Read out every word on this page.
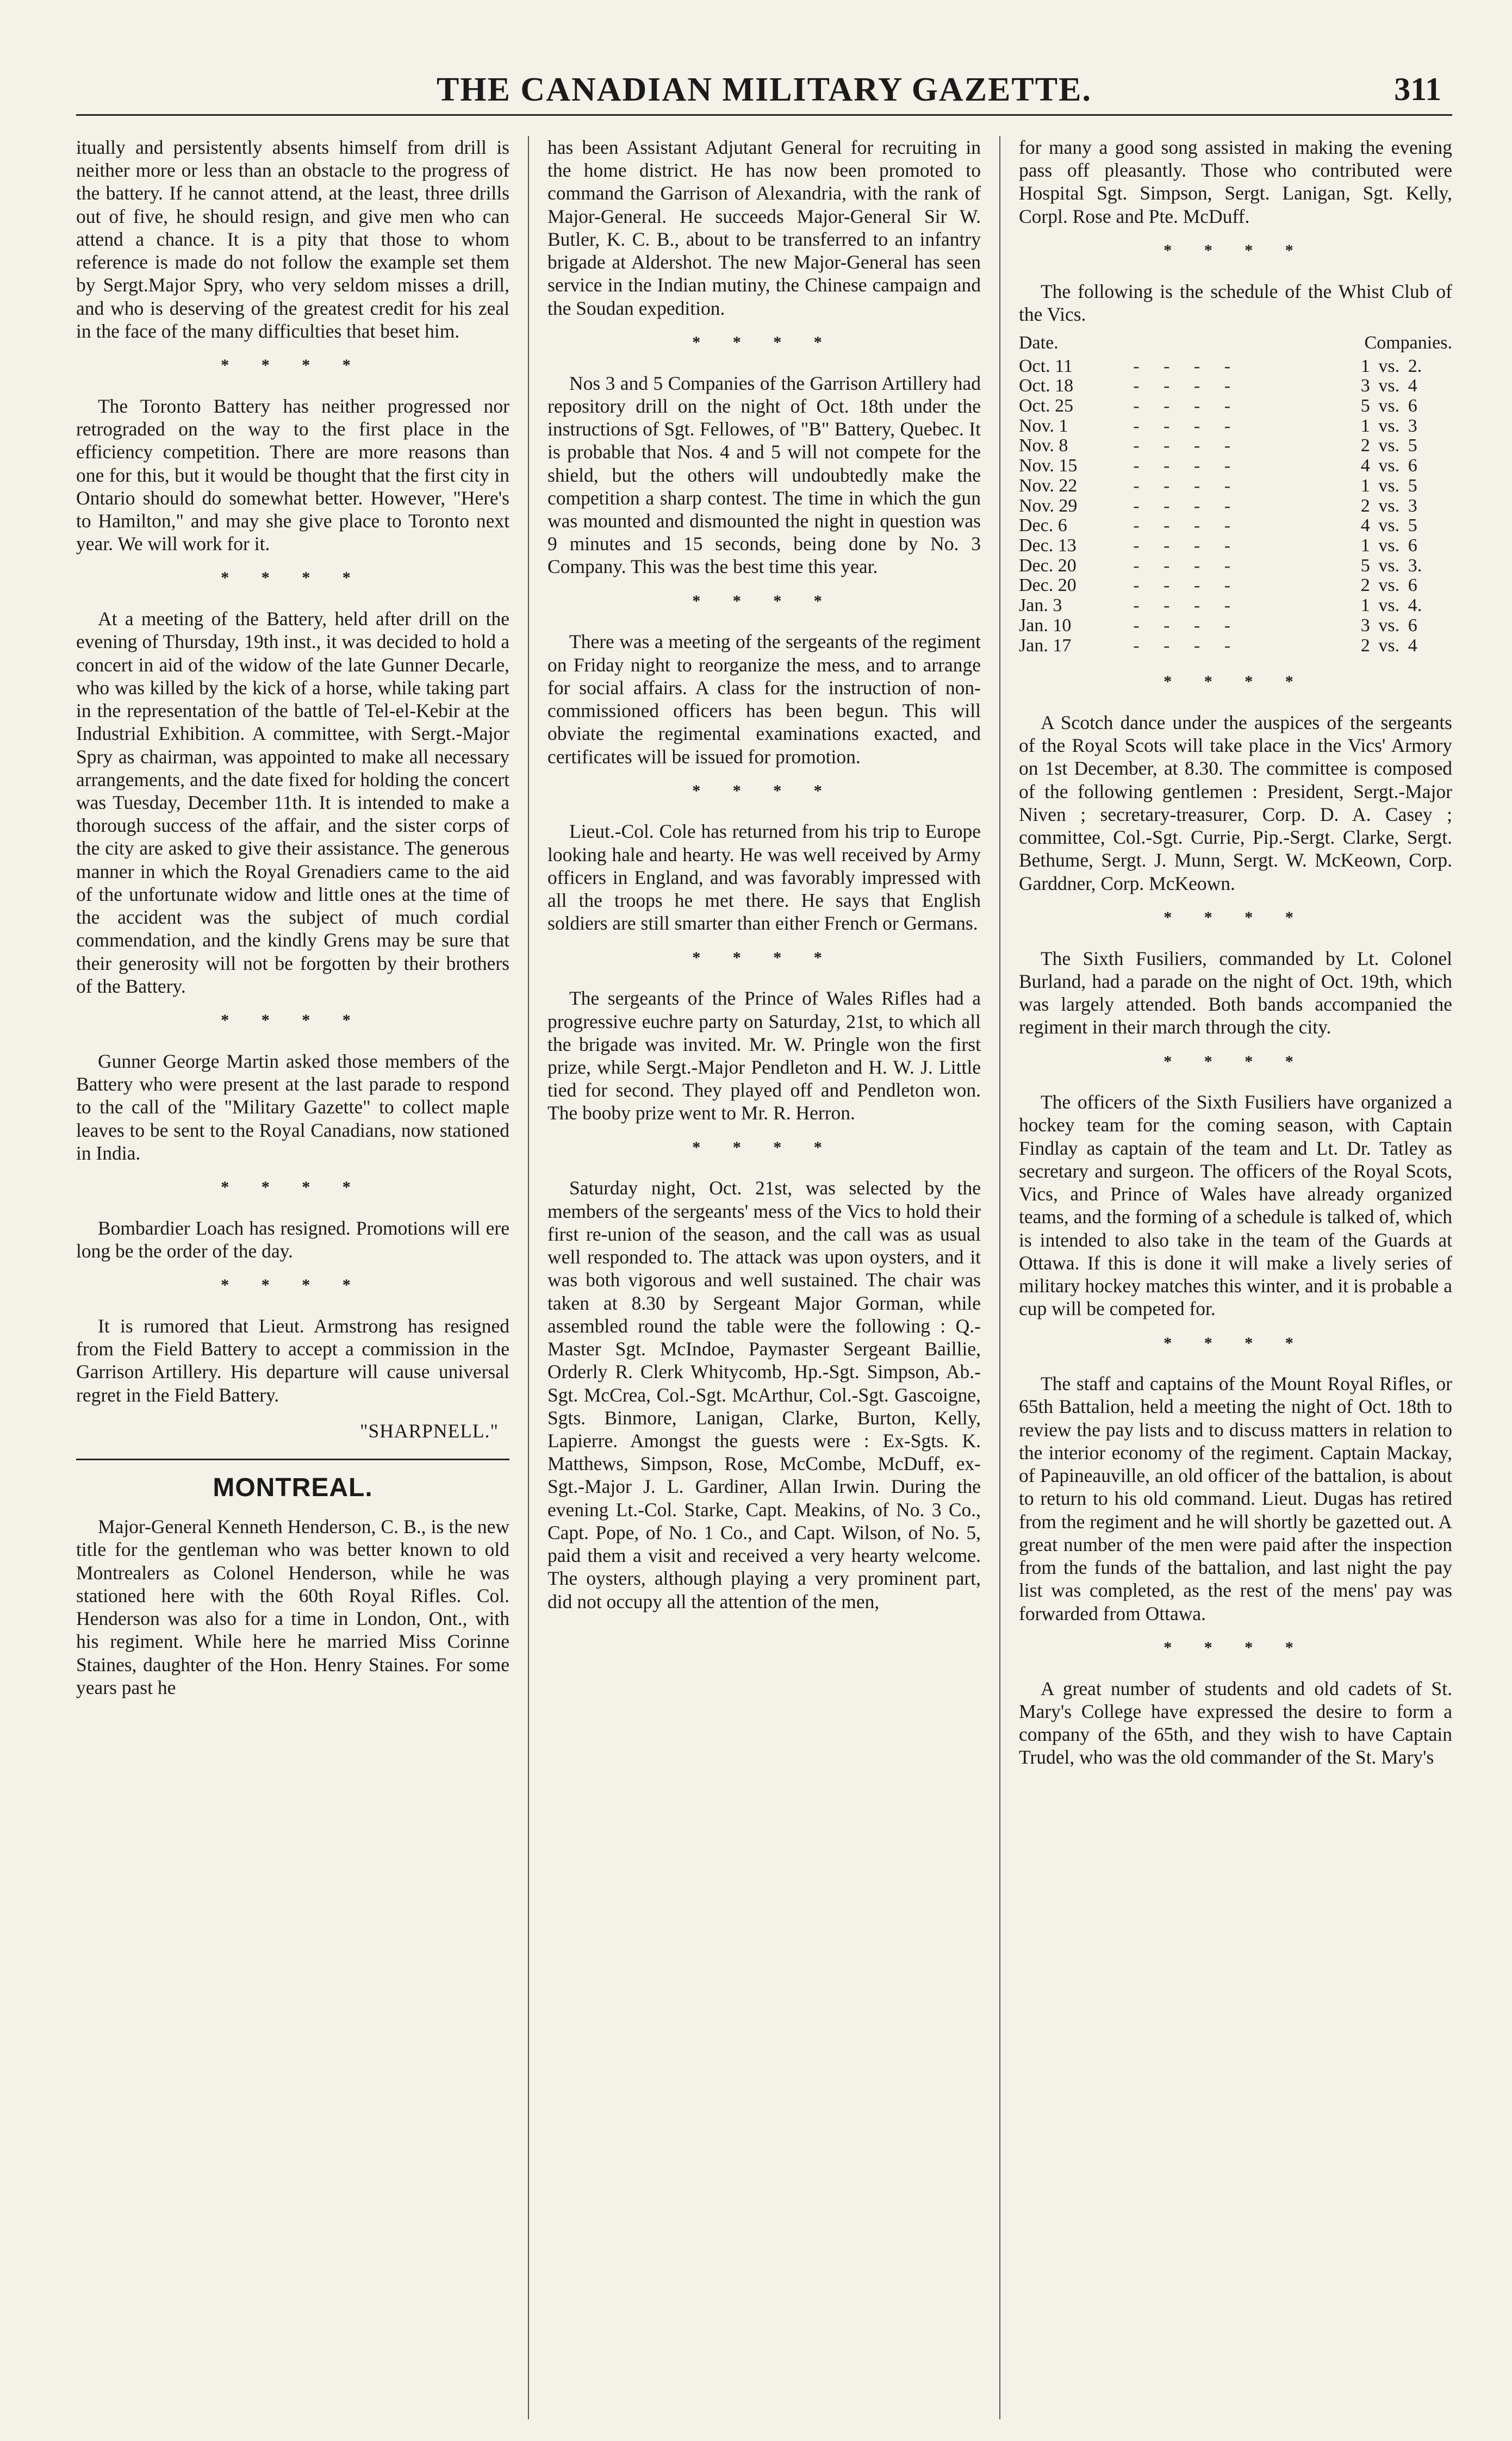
THE CANADIAN MILITARY GAZETTE.	311

itually and persistently absents himself from drill is neither more or less than an obstacle to the progress of the battery. If he cannot attend, at the least, three drills out of five, he should resign, and give men who can attend a chance. It is a pity that those to whom reference is made do not follow the example set them by Sergt.Major Spry, who very seldom misses a drill, and who is deserving of the greatest credit for his zeal in the face of the many difficulties that beset him.

* * * *

The Toronto Battery has neither progressed nor retrograded on the way to the first place in the efficiency competition. There are more reasons than one for this, but it would be thought that the first city in Ontario should do somewhat better. However, "Here's to Hamilton," and may she give place to Toronto next year. We will work for it.

* * * *

At a meeting of the Battery, held after drill on the evening of Thursday, 19th inst., it was decided to hold a concert in aid of the widow of the late Gunner Decarle, who was killed by the kick of a horse, while taking part in the representation of the battle of Tel-el-Kebir at the Industrial Exhibition. A committee, with Sergt.-Major Spry as chairman, was appointed to make all necessary arrangements, and the date fixed for holding the concert was Tuesday, December 11th. It is intended to make a thorough success of the affair, and the sister corps of the city are asked to give their assistance. The generous manner in which the Royal Grenadiers came to the aid of the unfortunate widow and little ones at the time of the accident was the subject of much cordial commendation, and the kindly Grens may be sure that their generosity will not be forgotten by their brothers of the Battery.

* * * *

Gunner George Martin asked those members of the Battery who were present at the last parade to respond to the call of the "Military Gazette" to collect maple leaves to be sent to the Royal Canadians, now stationed in India.

* * * *

Bombardier Loach has resigned. Promotions will ere long be the order of the day.

* * * *

It is rumored that Lieut. Armstrong has resigned from the Field Battery to accept a commission in the Garrison Artillery. His departure will cause universal regret in the Field Battery.

"SHARPNELL."
MONTREAL.

Major-General Kenneth Henderson, C. B., is the new title for the gentleman who was better known to old Montrealers as Colonel Henderson, while he was stationed here with the 60th Royal Rifles. Col. Henderson was also for a time in London, Ont., with his regiment. While here he married Miss Corinne Staines, daughter of the Hon. Henry Staines. For some years past he

has been Assistant Adjutant General for recruiting in the home district. He has now been promoted to command the Garrison of Alexandria, with the rank of Major-General. He succeeds Major-General Sir W. Butler, K. C. B., about to be transferred to an infantry brigade at Aldershot. The new Major-General has seen service in the Indian mutiny, the Chinese campaign and the Soudan expedition.

* * * *

Nos 3 and 5 Companies of the Garrison Artillery had repository drill on the night of Oct. 18th under the instructions of Sgt. Fellowes, of "B" Battery, Quebec. It is probable that Nos. 4 and 5 will not compete for the shield, but the others will undoubtedly make the competition a sharp contest. The time in which the gun was mounted and dismounted the night in question was 9 minutes and 15 seconds, being done by No. 3 Company. This was the best time this year.

* * * *

There was a meeting of the sergeants of the regiment on Friday night to reorganize the mess, and to arrange for social affairs. A class for the instruction of non-commissioned officers has been begun. This will obviate the regimental examinations exacted, and certificates will be issued for promotion.

* * * *

Lieut.-Col. Cole has returned from his trip to Europe looking hale and hearty. He was well received by Army officers in England, and was favorably impressed with all the troops he met there. He says that English soldiers are still smarter than either French or Germans.

* * * *

The sergeants of the Prince of Wales Rifles had a progressive euchre party on Saturday, 21st, to which all the brigade was invited. Mr. W. Pringle won the first prize, while Sergt.-Major Pendleton and H. W. J. Little tied for second. They played off and Pendleton won. The booby prize went to Mr. R. Herron.

* * * *

Saturday night, Oct. 21st, was selected by the members of the sergeants' mess of the Vics to hold their first re-union of the season, and the call was as usual well responded to. The attack was upon oysters, and it was both vigorous and well sustained. The chair was taken at 8.30 by Sergeant Major Gorman, while assembled round the table were the following : Q.-Master Sgt. McIndoe, Paymaster Sergeant Baillie, Orderly R. Clerk Whitycomb, Hp.-Sgt. Simpson, Ab.-Sgt. McCrea, Col.-Sgt. McArthur, Col.-Sgt. Gascoigne, Sgts. Binmore, Lanigan, Clarke, Burton, Kelly, Lapierre. Amongst the guests were : Ex-Sgts. K. Matthews, Simpson, Rose, McCombe, McDuff, ex-Sgt.-Major J. L. Gardiner, Allan Irwin. During the evening Lt.-Col. Starke, Capt. Meakins, of No. 3 Co., Capt. Pope, of No. 1 Co., and Capt. Wilson, of No. 5, paid them a visit and received a very hearty welcome. The oysters, although playing a very prominent part, did not occupy all the attention of the men,

for many a good song assisted in making the evening pass off pleasantly. Those who contributed were Hospital Sgt. Simpson, Sergt. Lanigan, Sgt. Kelly, Corpl. Rose and Pte. McDuff.

* * * *

The following is the schedule of the Whist Club of the Vics.

Date.		Companies.		
Oct. 11	- - - -	1	vs.	2.
Oct. 18	- - - -	3	vs.	4
Oct. 25	- - - -	5	vs.	6
Nov. 1	- - - -	1	vs.	3
Nov. 8	- - - -	2	vs.	5
Nov. 15	- - - -	4	vs.	6
Nov. 22	- - - -	1	vs.	5
Nov. 29	- - - -	2	vs.	3
Dec. 6	- - - -	4	vs.	5
Dec. 13	- - - -	1	vs.	6
Dec. 20	- - - -	5	vs.	3.
Dec. 20	- - - -	2	vs.	6
Jan. 3	- - - -	1	vs.	4.
Jan. 10	- - - -	3	vs.	6
Jan. 17	- - - -	2	vs.	4
* * * *

A Scotch dance under the auspices of the sergeants of the Royal Scots will take place in the Vics' Armory on 1st December, at 8.30. The committee is composed of the following gentlemen : President, Sergt.-Major Niven ; secretary-treasurer, Corp. D. A. Casey ; committee, Col.-Sgt. Currie, Pip.-Sergt. Clarke, Sergt. Bethume, Sergt. J. Munn, Sergt. W. McKeown, Corp. Garddner, Corp. McKeown.

* * * *

The Sixth Fusiliers, commanded by Lt. Colonel Burland, had a parade on the night of Oct. 19th, which was largely attended. Both bands accompanied the regiment in their march through the city.

* * * *

The officers of the Sixth Fusiliers have organized a hockey team for the coming season, with Captain Findlay as captain of the team and Lt. Dr. Tatley as secretary and surgeon. The officers of the Royal Scots, Vics, and Prince of Wales have already organized teams, and the forming of a schedule is talked of, which is intended to also take in the team of the Guards at Ottawa. If this is done it will make a lively series of military hockey matches this winter, and it is probable a cup will be competed for.

* * * *

The staff and captains of the Mount Royal Rifles, or 65th Battalion, held a meeting the night of Oct. 18th to review the pay lists and to discuss matters in relation to the interior economy of the regiment. Captain Mackay, of Papineauville, an old officer of the battalion, is about to return to his old command. Lieut. Dugas has retired from the regiment and he will shortly be gazetted out. A great number of the men were paid after the inspection from the funds of the battalion, and last night the pay list was completed, as the rest of the mens' pay was forwarded from Ottawa.

* * * *

A great number of students and old cadets of St. Mary's College have expressed the desire to form a company of the 65th, and they wish to have Captain Trudel, who was the old commander of the St. Mary's
